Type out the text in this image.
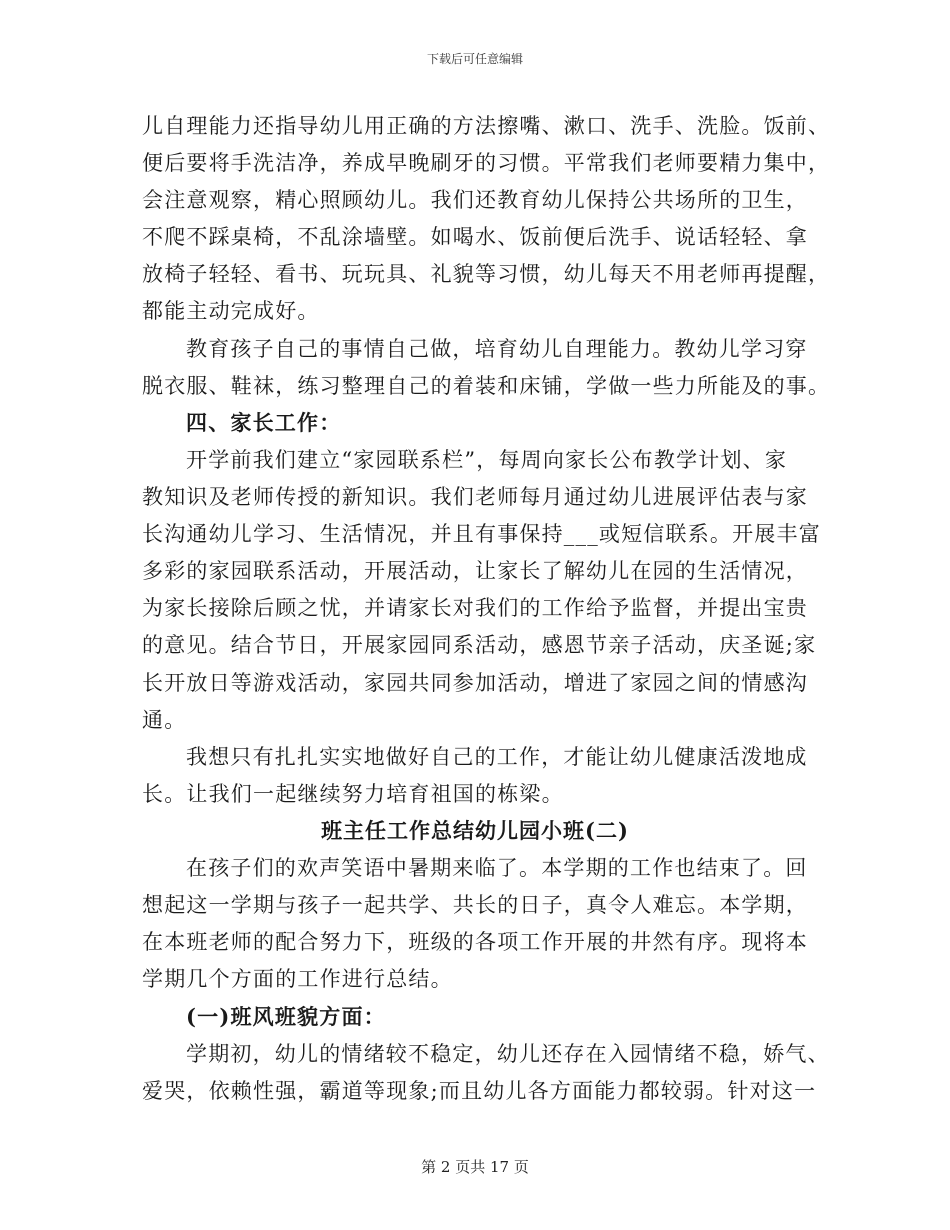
下载后可任意编辑
儿自理能力还指导幼儿用正确的方法擦嘴、漱口、洗手、洗脸。饭前、
便后要将手洗洁净，养成早晚刷牙的习惯。平常我们老师要精力集中，
会注意观察，精心照顾幼儿。我们还教育幼儿保持公共场所的卫生，
不爬不踩桌椅，不乱涂墙壁。如喝水、饭前便后洗手、说话轻轻、拿
放椅子轻轻、看书、玩玩具、礼貌等习惯，幼儿每天不用老师再提醒，
都能主动完成好。
教育孩子自己的事情自己做，培育幼儿自理能力。教幼儿学习穿
脱衣服、鞋袜，练习整理自己的着装和床铺，学做一些力所能及的事。
四、家长工作：
开学前我们建立“家园联系栏”，每周向家长公布教学计划、家
教知识及老师传授的新知识。我们老师每月通过幼儿进展评估表与家
长沟通幼儿学习、生活情况，并且有事保持___或短信联系。开展丰富
多彩的家园联系活动，开展活动，让家长了解幼儿在园的生活情况，
为家长接除后顾之忧，并请家长对我们的工作给予监督，并提出宝贵
的意见。结合节日，开展家园同系活动，感恩节亲子活动，庆圣诞;家
长开放日等游戏活动，家园共同参加活动，增进了家园之间的情感沟
通。
我想只有扎扎实实地做好自己的工作，才能让幼儿健康活泼地成
长。让我们一起继续努力培育祖国的栋梁。
班主任工作总结幼儿园小班(二)
在孩子们的欢声笑语中暑期来临了。本学期的工作也结束了。回
想起这一学期与孩子一起共学、共长的日子，真令人难忘。本学期，
在本班老师的配合努力下，班级的各项工作开展的井然有序。现将本
学期几个方面的工作进行总结。
(一)班风班貌方面：
学期初，幼儿的情绪较不稳定，幼儿还存在入园情绪不稳，娇气、
爱哭，依赖性强，霸道等现象;而且幼儿各方面能力都较弱。针对这一
第 2 页共 17 页
